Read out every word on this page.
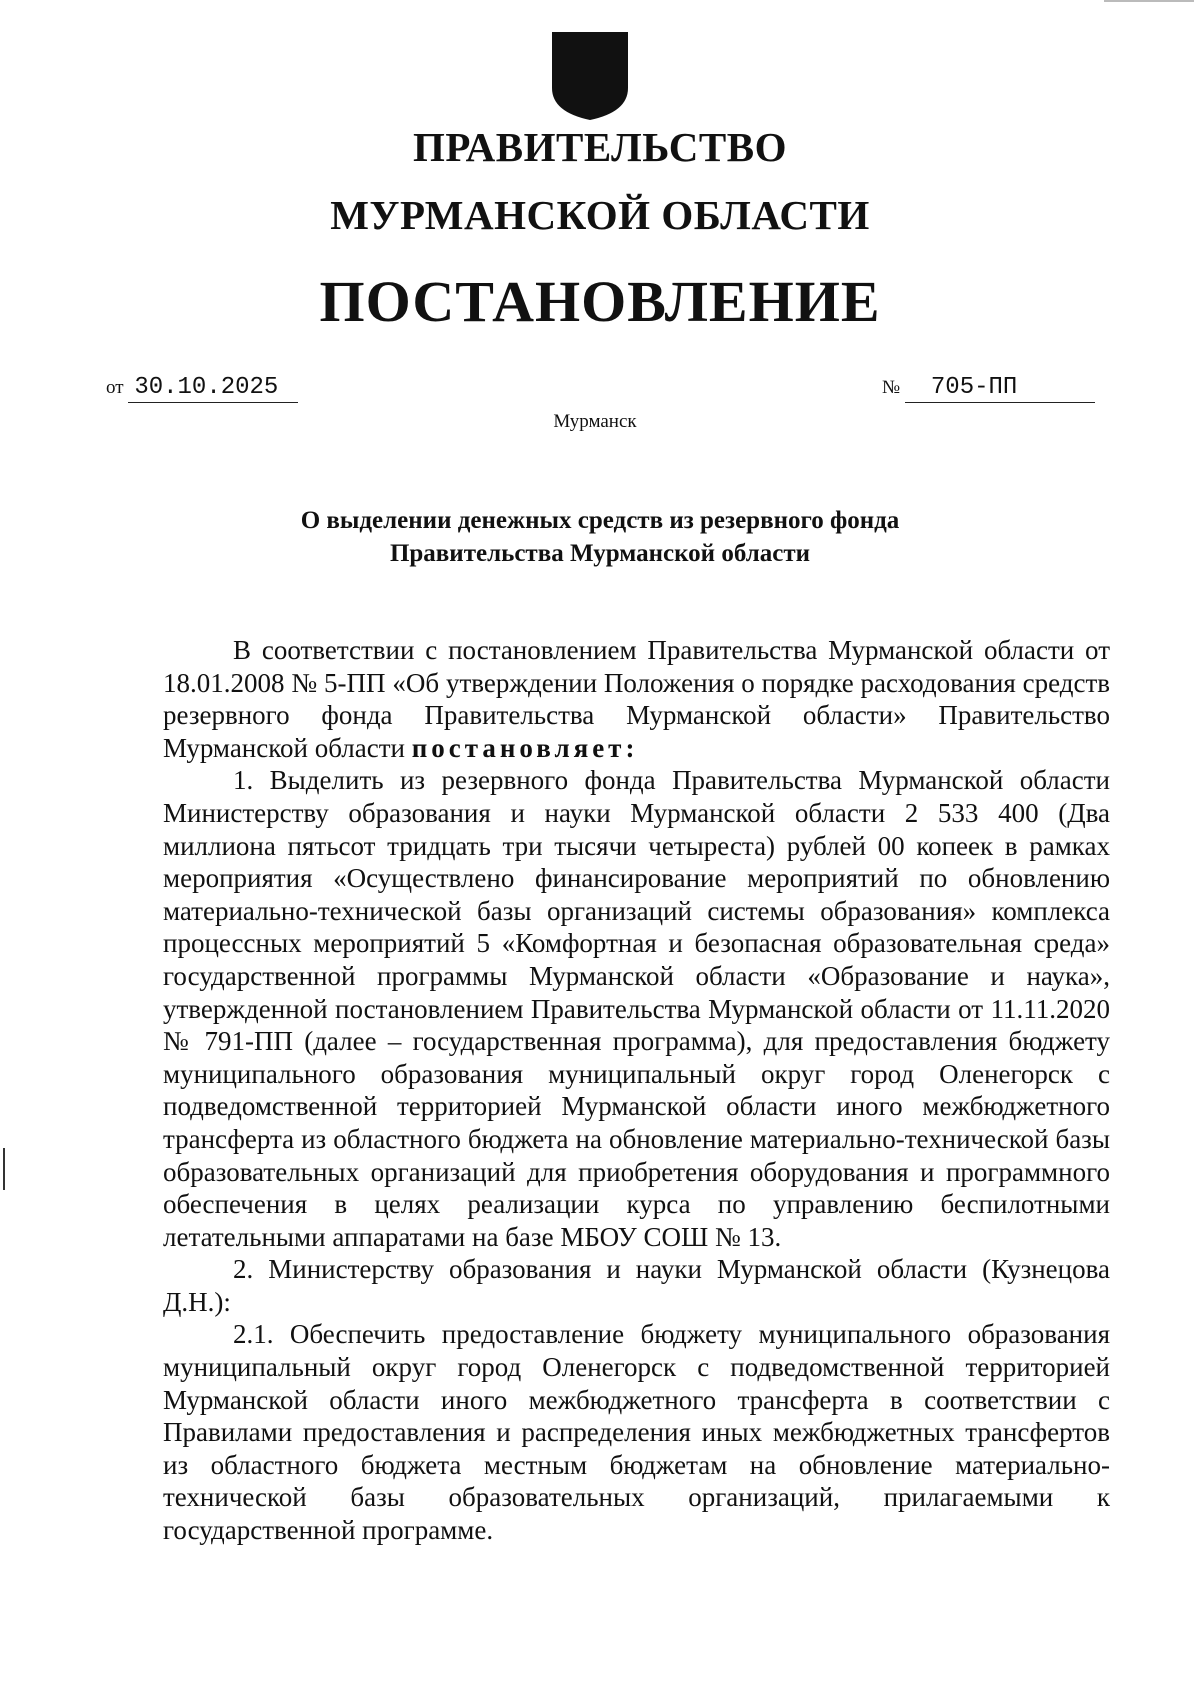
ПРАВИТЕЛЬСТВО
МУРМАНСКОЙ ОБЛАСТИ
ПОСТАНОВЛЕНИЕ
от 30.10.2025	№ 705-ПП
Мурманск
О выделении денежных средств из резервного фонда
Правительства Мурманской области

В соответствии с постановлением Правительства Мурманской области от 18.01.2008 № 5-ПП «Об утверждении Положения о порядке расходования средств резервного фонда Правительства Мурманской области» Правительство Мурманской области постановляет:

1. Выделить из резервного фонда Правительства Мурманской области Министерству образования и науки Мурманской области 2 533 400 (Два миллиона пятьсот тридцать три тысячи четыреста) рублей 00 копеек в рамках мероприятия «Осуществлено финансирование мероприятий по обновлению материально-технической базы организаций системы образования» комплекса процессных мероприятий 5 «Комфортная и безопасная образовательная среда» государственной программы Мурманской области «Образование и наука», утвержденной постановлением Правительства Мурманской области от 11.11.2020 № 791-ПП (далее – государственная программа), для предоставления бюджету муниципального образования муниципальный округ город Оленегорск с подведомственной территорией Мурманской области иного межбюджетного трансферта из областного бюджета на обновление материально-технической базы образовательных организаций для приобретения оборудования и программного обеспечения в целях реализации курса по управлению беспилотными летательными аппаратами на базе МБОУ СОШ № 13.

2. Министерству образования и науки Мурманской области (Кузнецова Д.Н.):

2.1. Обеспечить предоставление бюджету муниципального образования муниципальный округ город Оленегорск с подведомственной территорией Мурманской области иного межбюджетного трансферта в соответствии с Правилами предоставления и распределения иных межбюджетных трансфертов из областного бюджета местным бюджетам на обновление материально-технической базы образовательных организаций, прилагаемыми к государственной программе.
